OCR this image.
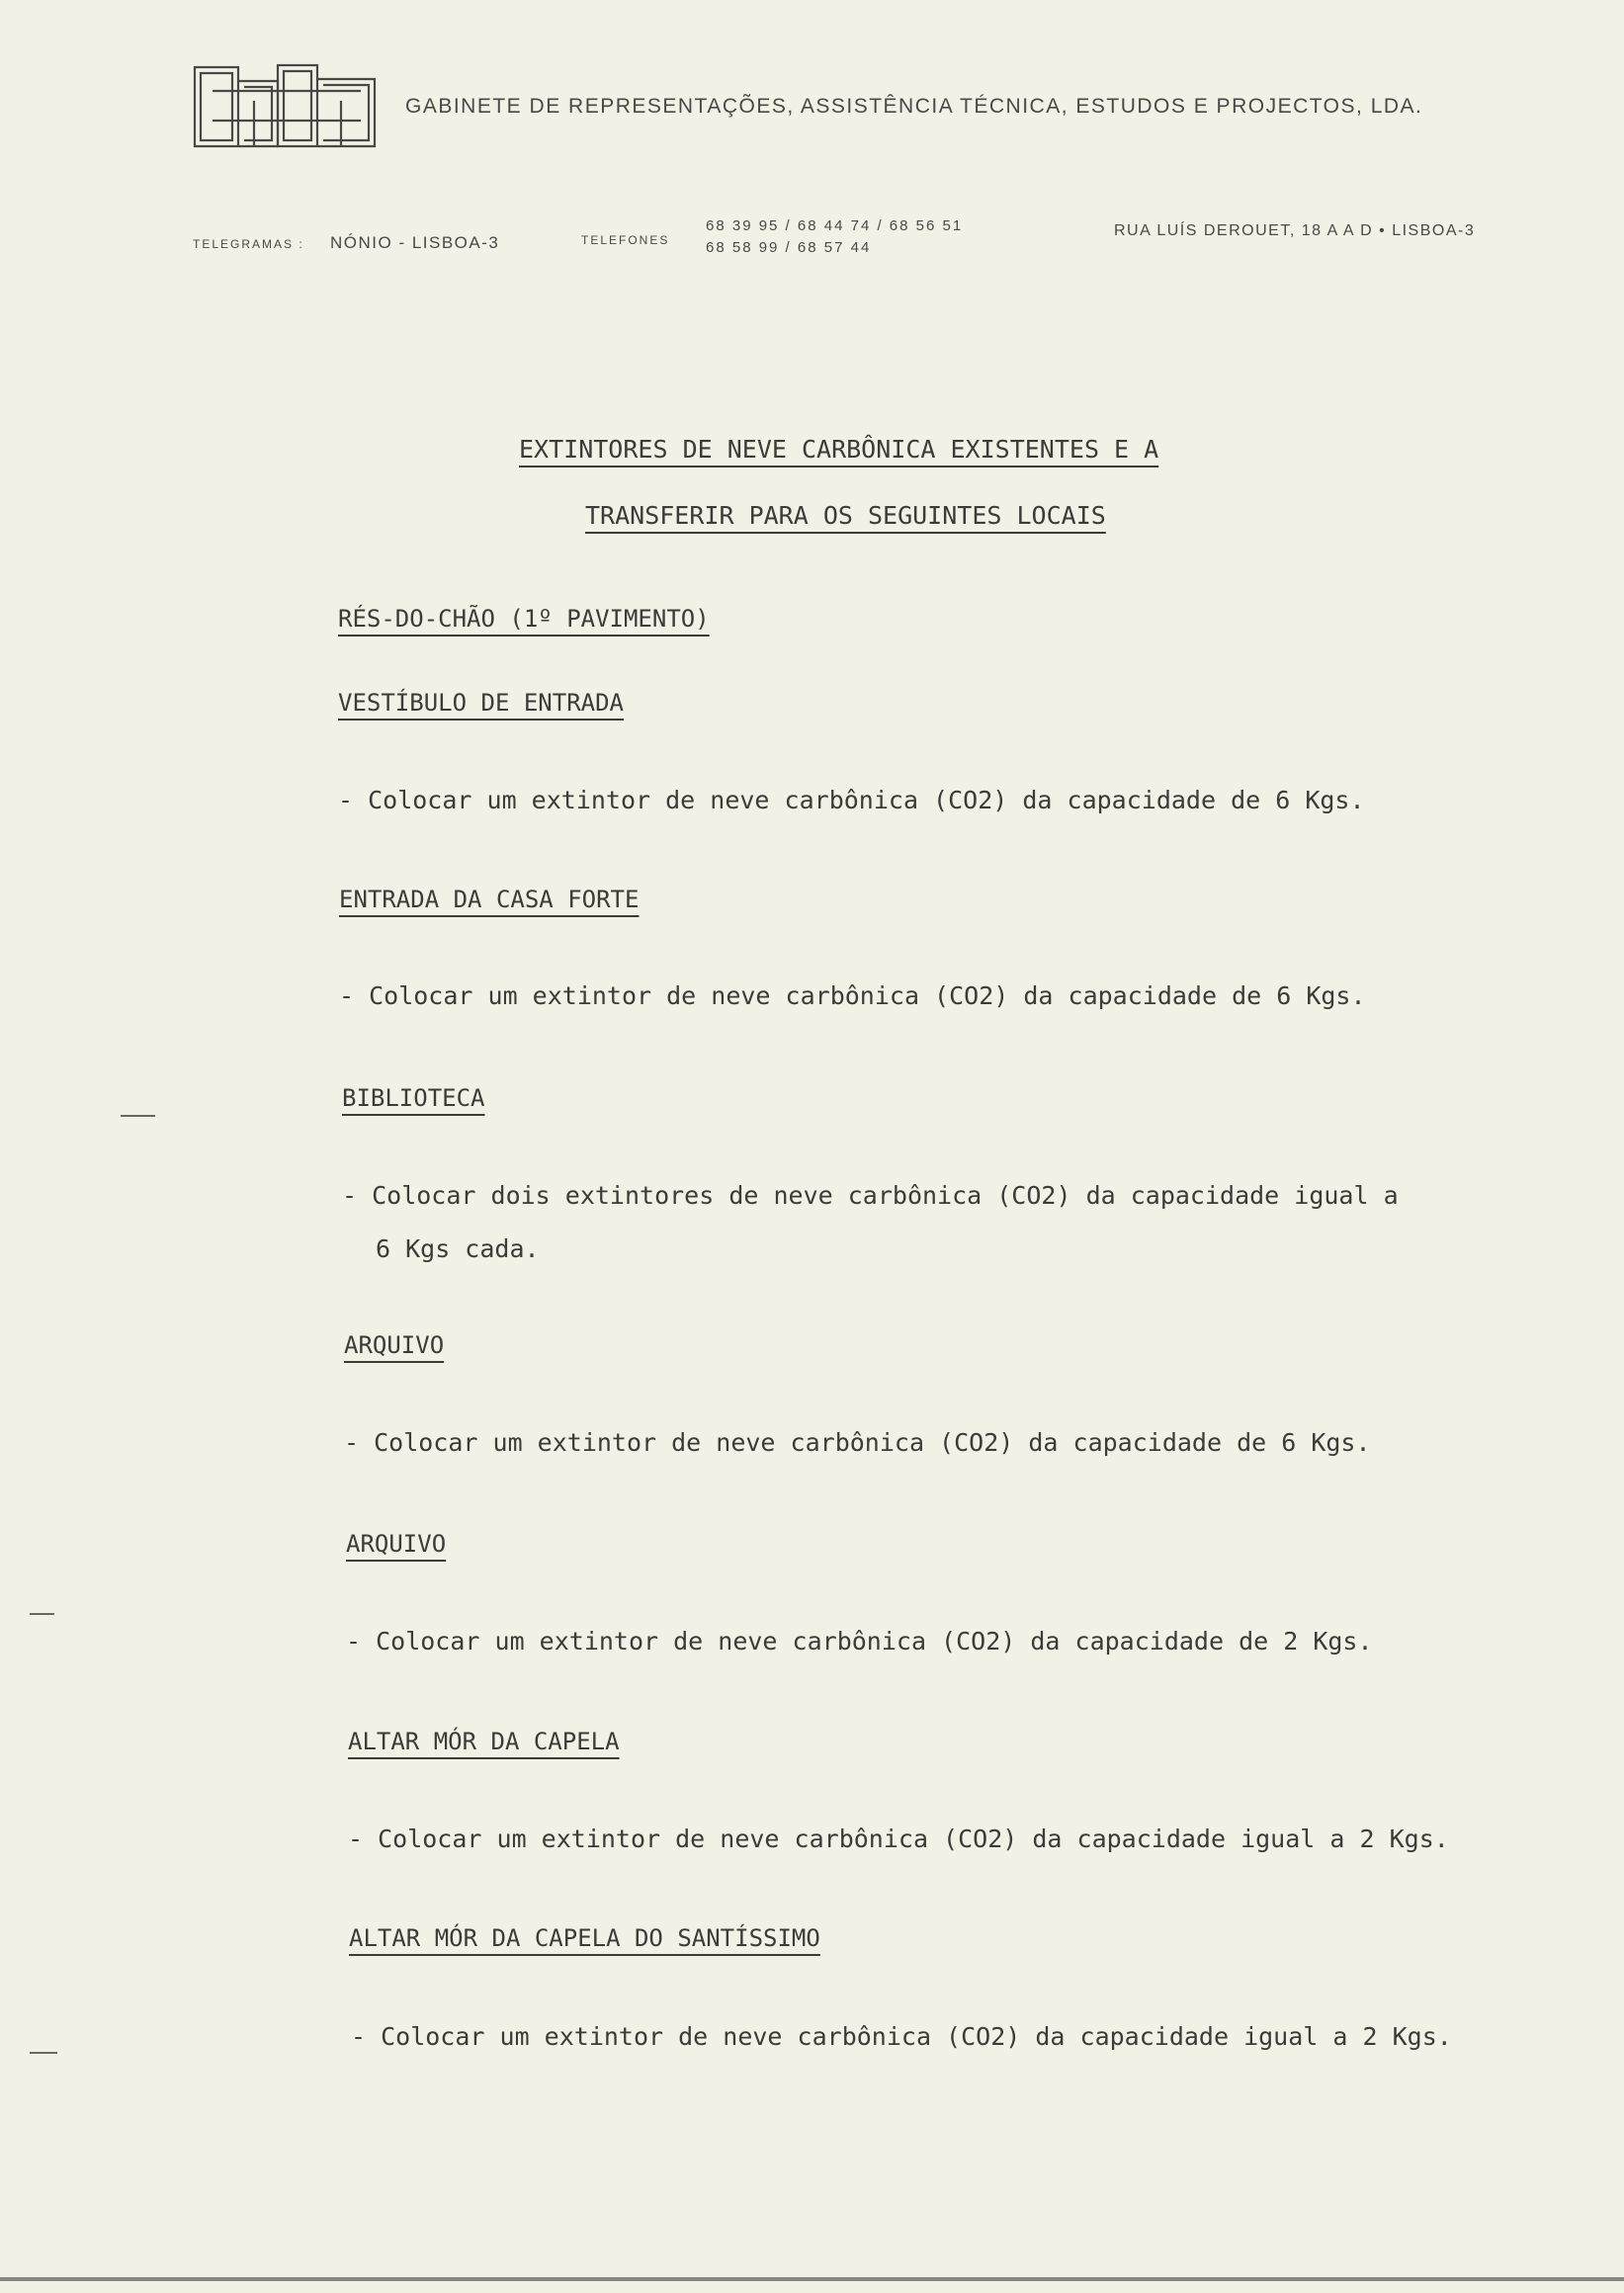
GABINETE DE REPRESENTAÇÕES, ASSISTÊNCIA TÉCNICA, ESTUDOS E PROJECTOS, LDA.
TELEGRAMAS : NÓNIO - LISBOA-3	TELEFONES
68 39 95 / 68 44 74 / 68 56 51
68 58 99 / 68 57 44
RUA LUÍS DEROUET, 18 A A D • LISBOA-3
EXTINTORES DE NEVE CARBÔNICA EXISTENTES E A
TRANSFERIR PARA OS SEGUINTES LOCAIS
RÉS-DO-CHÃO (1º PAVIMENTO)
VESTÍBULO DE ENTRADA
- Colocar um extintor de neve carbônica (CO2) da capacidade de 6 Kgs.
ENTRADA DA CASA FORTE
- Colocar um extintor de neve carbônica (CO2) da capacidade de 6 Kgs.
BIBLIOTECA
- Colocar dois extintores de neve carbônica (CO2) da capacidade igual a
6 Kgs cada.
ARQUIVO
- Colocar um extintor de neve carbônica (CO2) da capacidade de 6 Kgs.
ARQUIVO
- Colocar um extintor de neve carbônica (CO2) da capacidade de 2 Kgs.
ALTAR MÓR DA CAPELA
- Colocar um extintor de neve carbônica (CO2) da capacidade igual a 2 Kgs.
ALTAR MÓR DA CAPELA DO SANTÍSSIMO
- Colocar um extintor de neve carbônica (CO2) da capacidade igual a 2 Kgs.
